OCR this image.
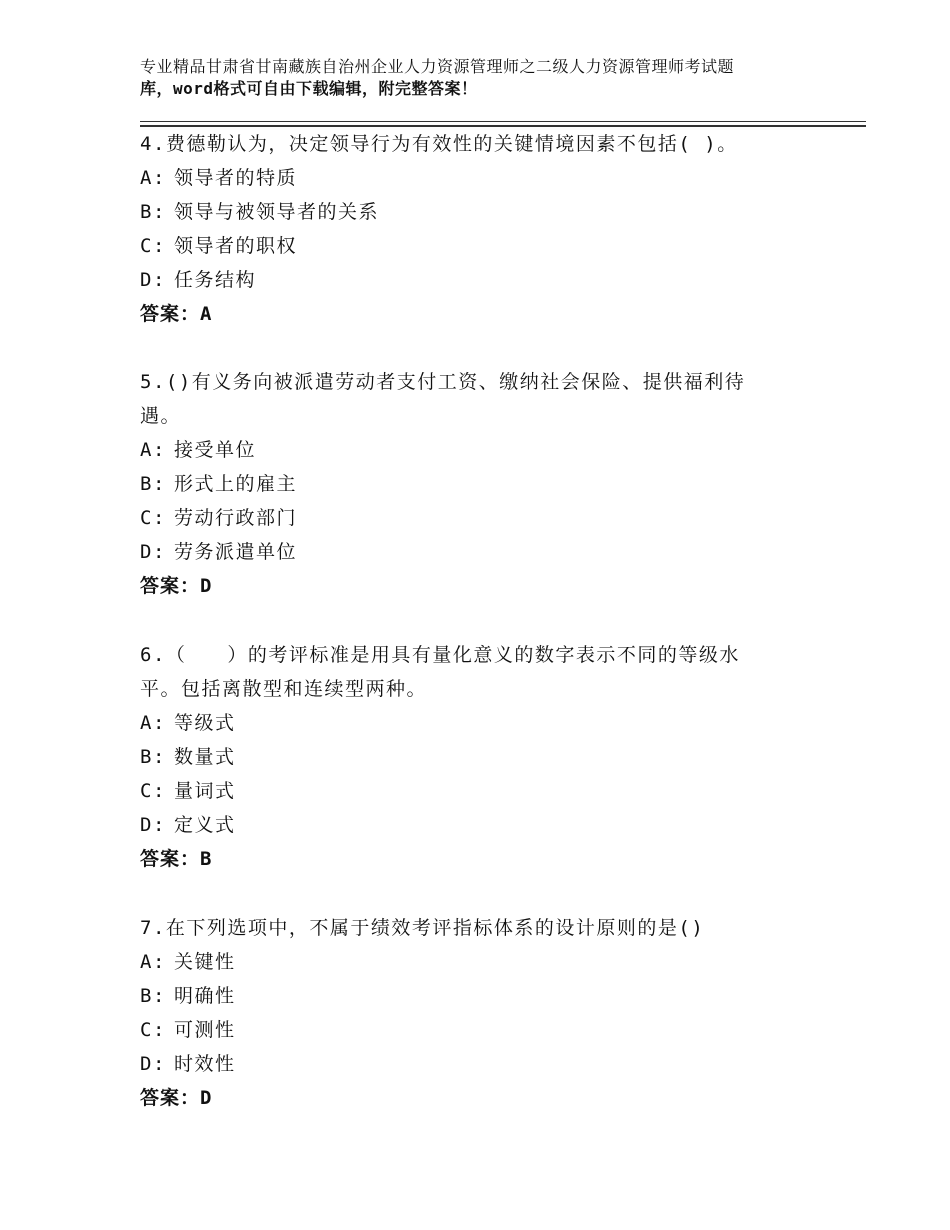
专业精品甘肃省甘南藏族自治州企业人力资源管理师之二级人力资源管理师考试题
库，word格式可自由下载编辑，附完整答案！
4.费德勒认为，决定领导行为有效性的关键情境因素不包括( )。
A: 领导者的特质
B: 领导与被领导者的关系
C: 领导者的职权
D: 任务结构
答案：A
5.()有义务向被派遣劳动者支付工资、缴纳社会保险、提供福利待
遇。
A: 接受单位
B: 形式上的雇主
C: 劳动行政部门
D: 劳务派遣单位
答案：D
6.（　　）的考评标准是用具有量化意义的数字表示不同的等级水
平。包括离散型和连续型两种。
A: 等级式
B: 数量式
C: 量词式
D: 定义式
答案：B
7.在下列选项中，不属于绩效考评指标体系的设计原则的是()
A: 关键性
B: 明确性
C: 可测性
D: 时效性
答案：D
